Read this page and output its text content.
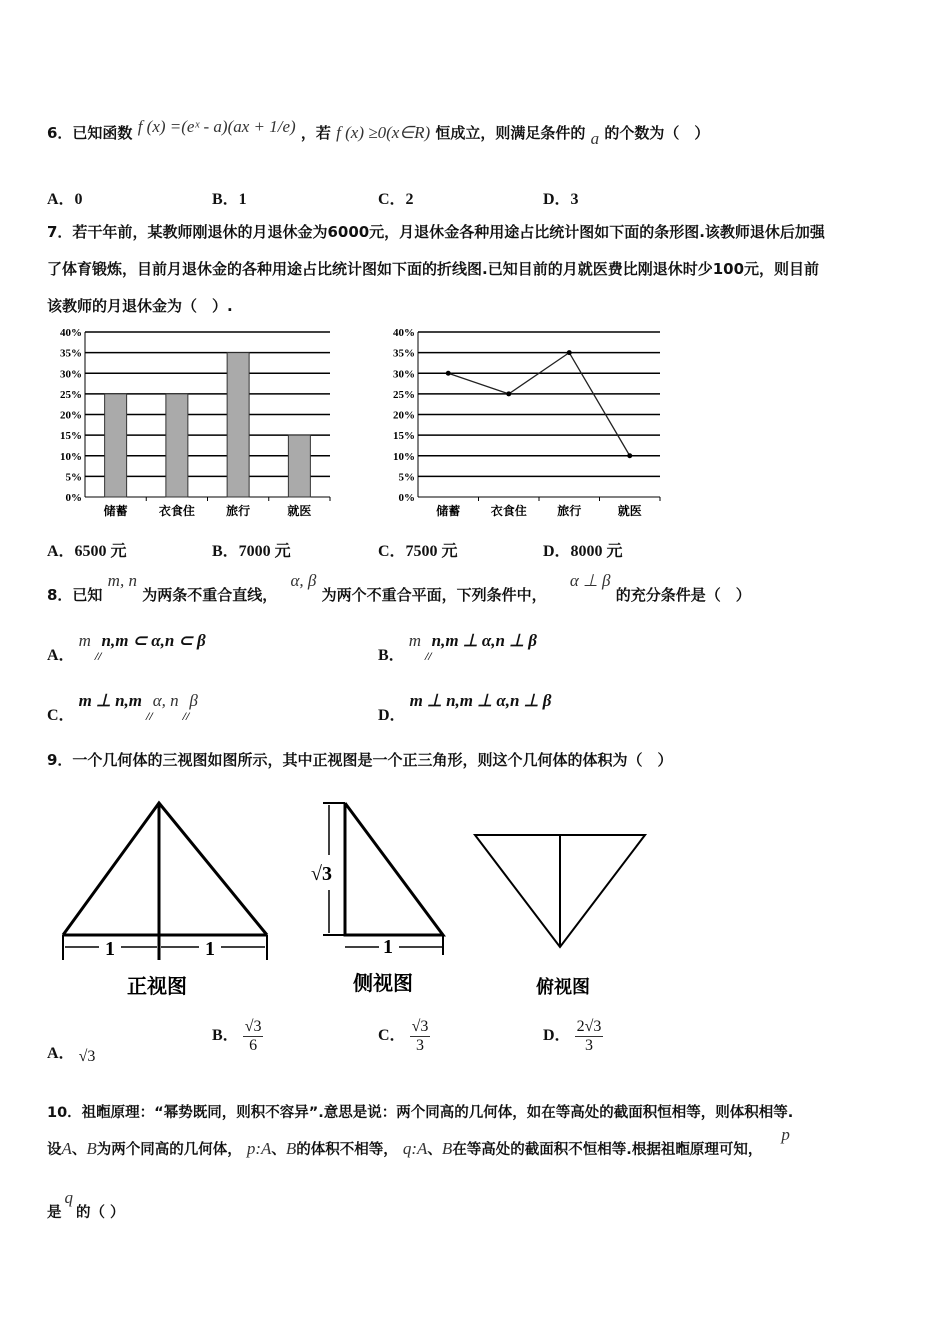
6．已知函数 f (x) =(eˣ - a)(ax + 1/e) ，若 f (x) ≥0(x∈R) 恒成立，则满足条件的 a 的个数为（　）
A．0	B．1	C．2	D．3
7．若干年前，某教师刚退休的月退休金为6000元，月退休金各种用途占比统计图如下面的条形图.该教师退休后加强
了体育锻炼，目前月退休金的各种用途占比统计图如下面的折线图.已知目前的月就医费比刚退休时少100元，则目前
该教师的月退休金为（　）.
0%
5%
10%
15%
20%
25%
30%
35%
40%
储蓄	衣食住	旅行	就医
0%
5%
10%
15%
20%
25%
30%
35%
40%
储蓄	衣食住	旅行	就医
A．6500 元	B．7000 元	C．7500 元	D．8000 元
8．已知 m, n 为两条不重合直线， α, β 为两个不重合平面，下列条件中， α ⊥ β 的充分条件是（　）
A． m //n,m ⊂ α,n ⊂ β
B． m //n,m ⊥ α,n ⊥ β
C． m ⊥ n,m //α, n //β
D． m ⊥ n,m ⊥ α,n ⊥ β
9．一个几何体的三视图如图所示，其中正视图是一个正三角形，则这个几何体的体积为（　）
1	1
正视图
√3
1
侧视图	俯视图
A． √3
B． $\frac{√3}{6}$	C． $\frac{√3}{3}$	D． $\frac{2√3}{3}$
10．祖暅原理：“幂势既同，则积不容异”.意思是说：两个同高的几何体，如在等高处的截面积恒相等，则体积相等.
设A、B为两个同高的几何体， p:A、B的体积不相等， q:A、B在等高处的截面积不恒相等.根据祖暅原理可知， p
是q的（ ）
